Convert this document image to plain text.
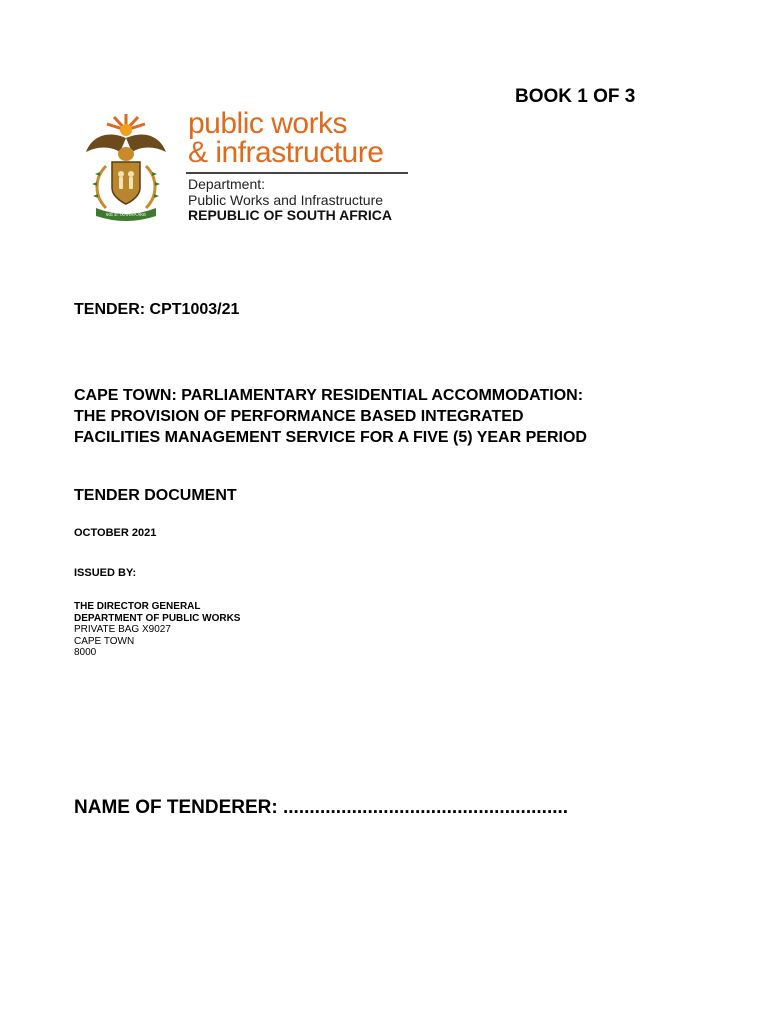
BOOK 1 OF 3
!KE E: /XARRA //KE
public works
& infrastructure
Department:
Public Works and Infrastructure
REPUBLIC OF SOUTH AFRICA
TENDER: CPT1003/21
CAPE TOWN: PARLIAMENTARY RESIDENTIAL ACCOMMODATION:
THE PROVISION OF PERFORMANCE BASED INTEGRATED
FACILITIES MANAGEMENT SERVICE FOR A FIVE (5) YEAR PERIOD
TENDER DOCUMENT
OCTOBER 2021
ISSUED BY:
THE DIRECTOR GENERAL
DEPARTMENT OF PUBLIC WORKS
PRIVATE BAG X9027
CAPE TOWN
8000
NAME OF TENDERER: ......................................................
